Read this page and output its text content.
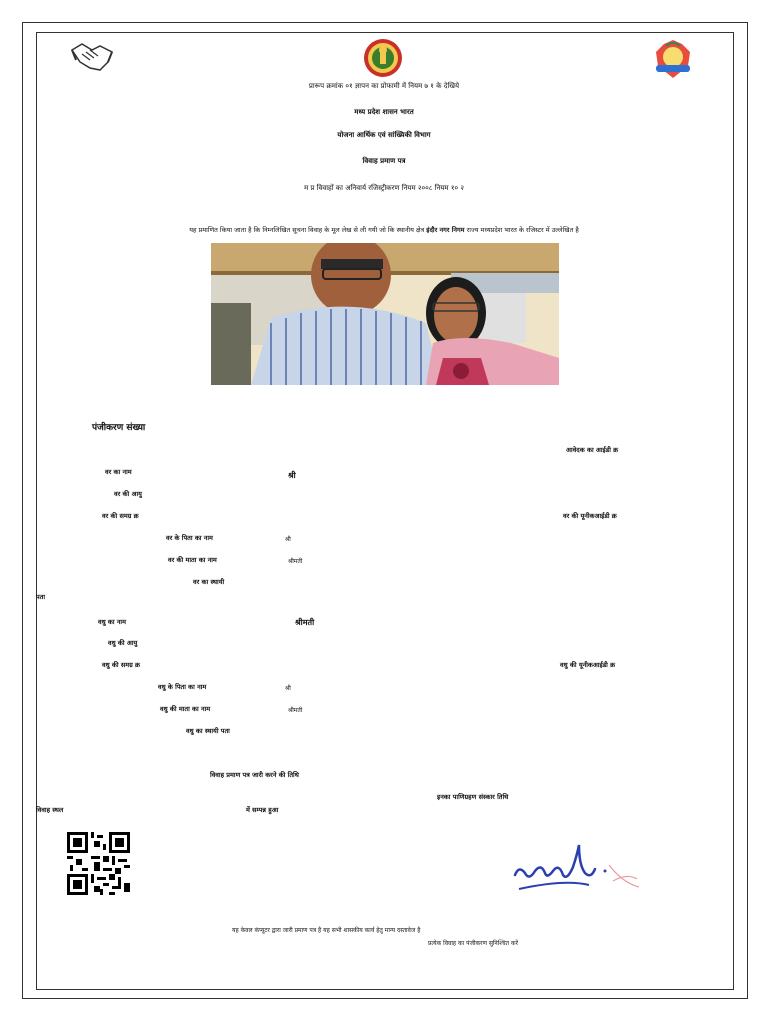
प्रारूप क्रमांक ०१ ज्ञापन का प्रोफामी में नियम ७ १ के देखिये
मध्य प्रदेश शासन भारत
योजना आर्थिक एवं सांख्यिकी विभाग
विवाह प्रमाण पत्र
म प्र विवाहों का अनिवार्य रजिस्ट्रीकरण नियम २००८ नियम १० २
यह प्रमाणित किया जाता है कि निम्नलिखित सूचना विवाह के मूल लेख से ली गयी जो कि स्थानीय क्षेत्र इंदौर नगर निगम राज्य मध्यप्रदेश भारत के रजिस्टर में उल्लेखित है
पंजीकरण संख्या
आवेदक का आईडी क्र
वर का नाम	श्री
वर की आयु
वर की समग्र क्र	वर की यूनीकआईडी क्र
वर के पिता का नाम	श्री
वर की माता का नाम	श्रीमती
वर का स्थायी
पता
वधु का नाम	श्रीमती
वधु की आयु
वधु की समग्र क्र	वधु की यूनीकआईडी क्र
वधु के पिता का नाम	श्री
वधु की माता का नाम	श्रीमती
वधु का स्थायी पता
विवाह प्रमाण पत्र जारी करने की तिथि
इनका पाणिग्रहण संस्कार तिथि
विवाह स्थल	में सम्पन्न हुआ
यह केवल कंप्यूटर द्वारा जारी प्रमाण पत्र है यह सभी शासकीय कार्य हेतु मान्य दस्तावेज है
प्रत्येक विवाह का पंजीकरण सुनिश्चित करें
